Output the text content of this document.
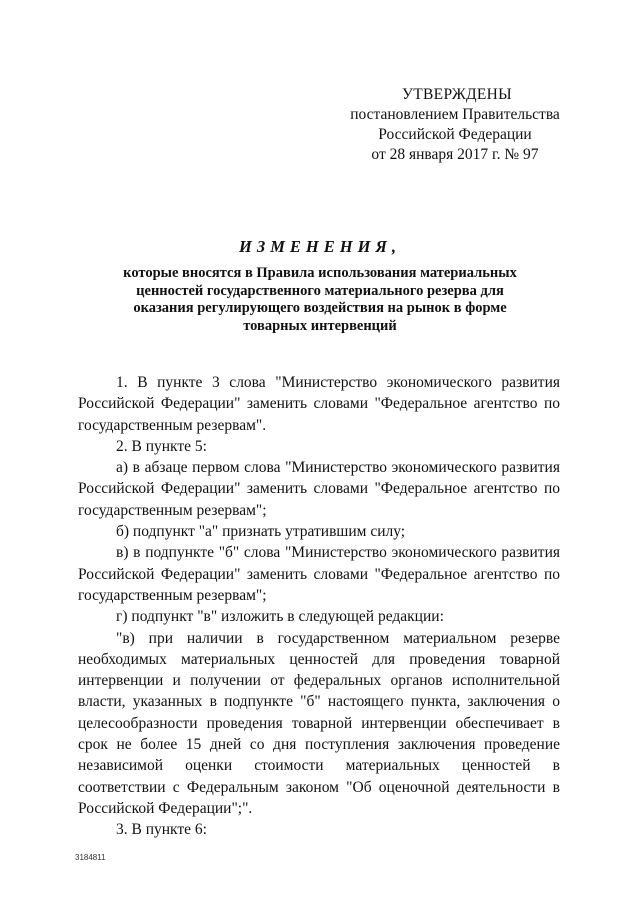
УТВЕРЖДЕНЫ
постановлением Правительства
Российской Федерации
от 28 января 2017 г. № 97
ИЗМЕНЕНИЯ,
которые вносятся в Правила использования материальных
ценностей государственного материального резерва для
оказания регулирующего воздействия на рынок в форме
товарных интервенций

1. В пункте 3 слова "Министерство экономического развития Российской Федерации" заменить словами "Федеральное агентство по государственным резервам".

2. В пункте 5:

а) в абзаце первом слова "Министерство экономического развития Российской Федерации" заменить словами "Федеральное агентство по государственным резервам";

б) подпункт "а" признать утратившим силу;

в) в подпункте "б" слова "Министерство экономического развития Российской Федерации" заменить словами "Федеральное агентство по государственным резервам";

г) подпункт "в" изложить в следующей редакции:

"в) при наличии в государственном материальном резерве необходимых материальных ценностей для проведения товарной интервенции и получении от федеральных органов исполнительной власти, указанных в подпункте "б" настоящего пункта, заключения о целесообразности проведения товарной интервенции обеспечивает в срок не более 15 дней со дня поступления заключения проведение независимой оценки стоимости материальных ценностей в соответствии с Федеральным законом "Об оценочной деятельности в Российской Федерации";".

3. В пункте 6:

3184811
